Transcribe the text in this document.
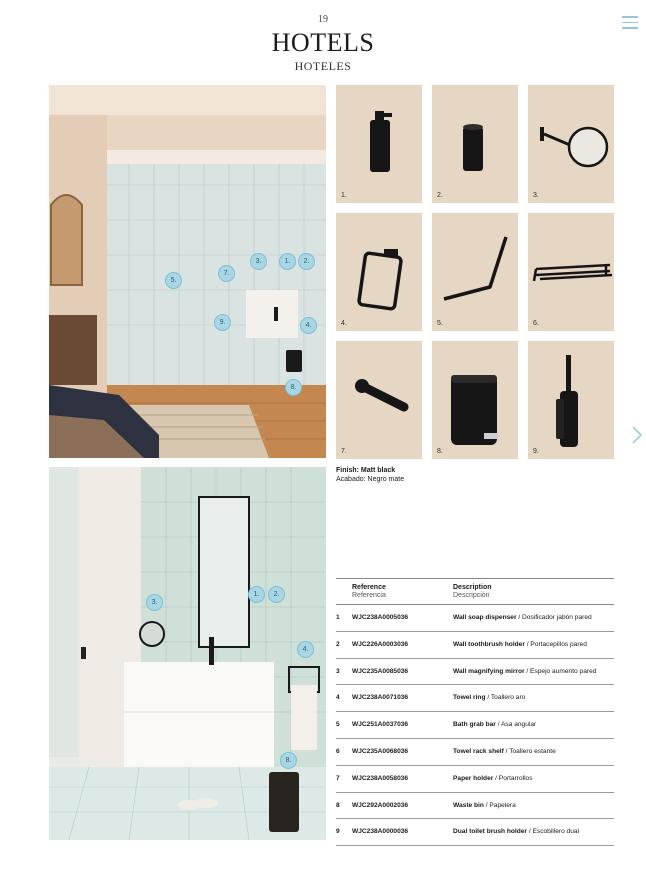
19
HOTELS
HOTELES
5.
7.
3.	1.	2.
4.
9.
8.
3.
1.	2.
4.
8.
1.	2.	3.
4.	5.	6.
7.	8.	9.
Finish: Matt black
Acabado: Negro mate
Reference
Referencia
Description
Descripción
1 WJC238A0005036	Wall soap dispenser / Dosificador jabón pared
2 WJC226A0003036	Wall toothbrush holder / Portacepillos pared
3 WJC235A0085036	Wall magnifying mirror / Espejo aumento pared
4 WJC238A0071036	Towel ring / Toallero aro
5 WJC251A0037036	Bath grab bar / Asa angular
6 WJC235A0068036	Towel rack shelf / Toallero estante
7 WJC238A0058036	Paper holder / Portarrollos
8 WJC292A0002036	Waste bin / Papelera
9 WJC238A0000036	Dual toilet brush holder / Escobillero dual
